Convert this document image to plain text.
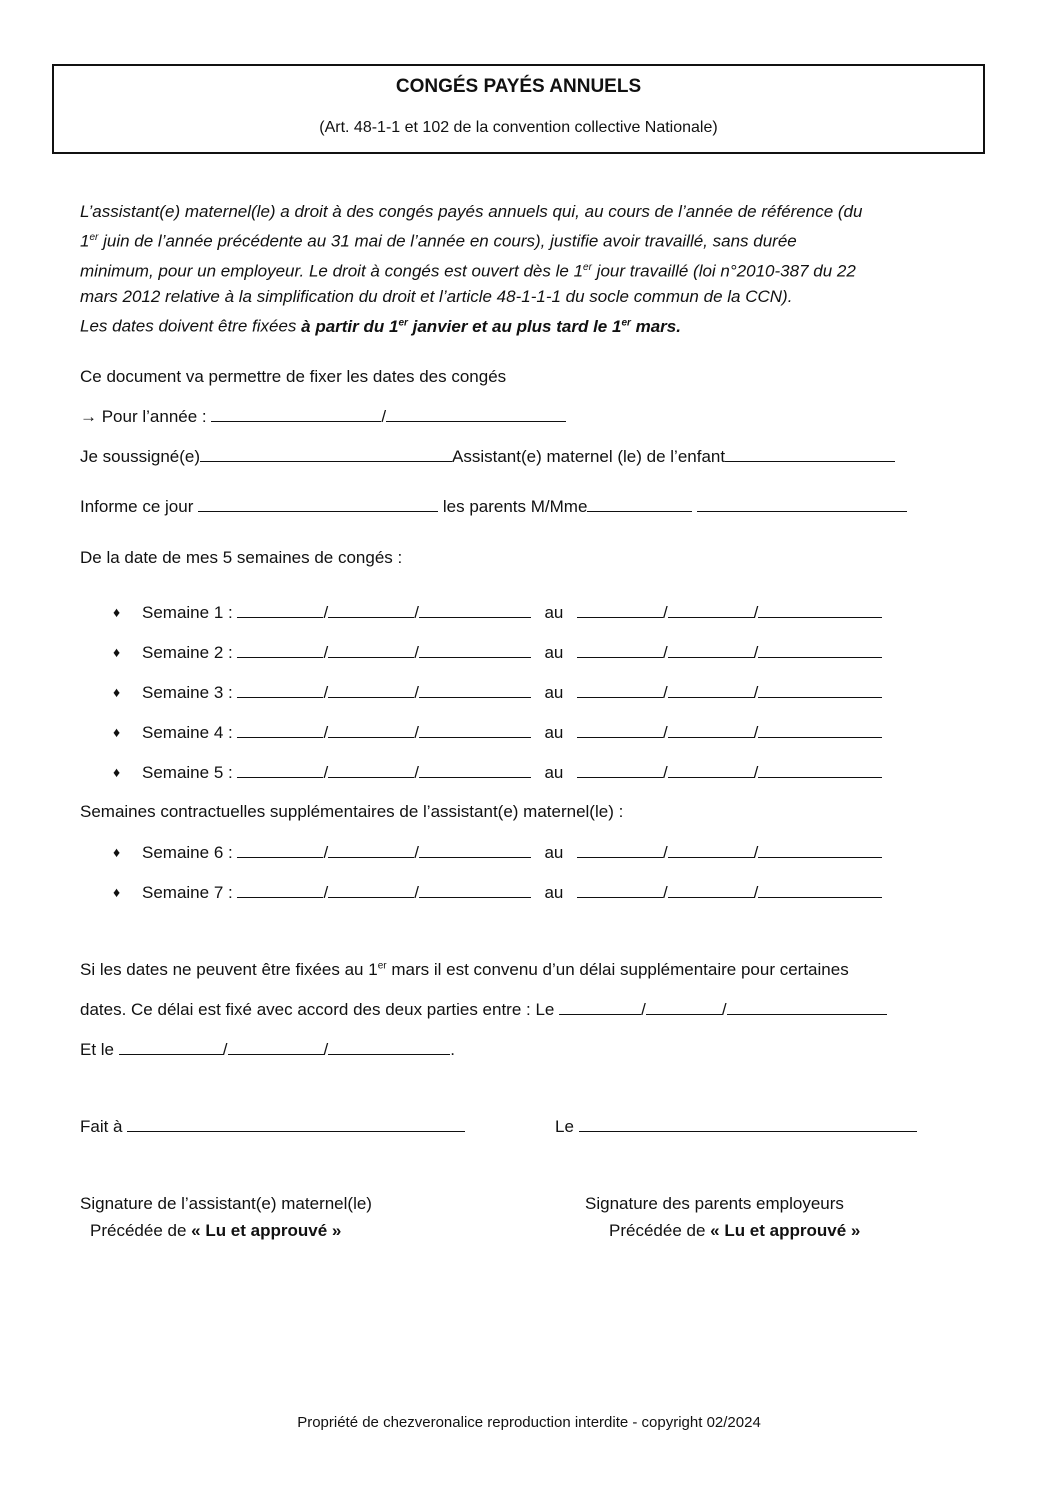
CONGÉS PAYÉS ANNUELS
(Art. 48-1-1 et 102 de la convention collective Nationale)

L’assistant(e) maternel(le) a droit à des congés payés annuels qui, au cours de l’année de référence (du

1er juin de l’année précédente au 31 mai de l’année en cours), justifie avoir travaillé, sans durée

minimum, pour un employeur. Le droit à congés est ouvert dès le 1er jour travaillé (loi n°2010-387 du 22

mars 2012 relative à la simplification du droit et l’article 48-1-1-1 du socle commun de la CCN).

Les dates doivent être fixées à partir du 1er janvier et au plus tard le 1er mars.

Ce document va permettre de fixer les dates des congés
→ Pour l’année :	/
Je soussigné(e)	Assistant(e) maternel (le) de l’enfant
Informe ce jour	les parents M/Mme
De la date de mes 5 semaines de congés :
♦ Semaine 1 :	/	/	au	/	/
♦ Semaine 2 :	/	/	au	/	/
♦ Semaine 3 :	/	/	au	/	/
♦ Semaine 4 :	/	/	au	/	/
♦ Semaine 5 :	/	/	au	/	/
Semaines contractuelles supplémentaires de l’assistant(e) maternel(le) :
♦ Semaine 6 :	/	/	au	/	/
♦ Semaine 7 :	/	/	au	/	/
Si les dates ne peuvent être fixées au 1er mars il est convenu d’un délai supplémentaire pour certaines
dates. Ce délai est fixé avec accord des deux parties entre : Le	/	/
Et le	/	/	.
Fait à	Le
Signature de l’assistant(e) maternel(le)
Précédée de « Lu et approuvé »
Signature des parents employeurs
Précédée de « Lu et approuvé »
Propriété de chezveronalice reproduction interdite - copyright 02/2024
